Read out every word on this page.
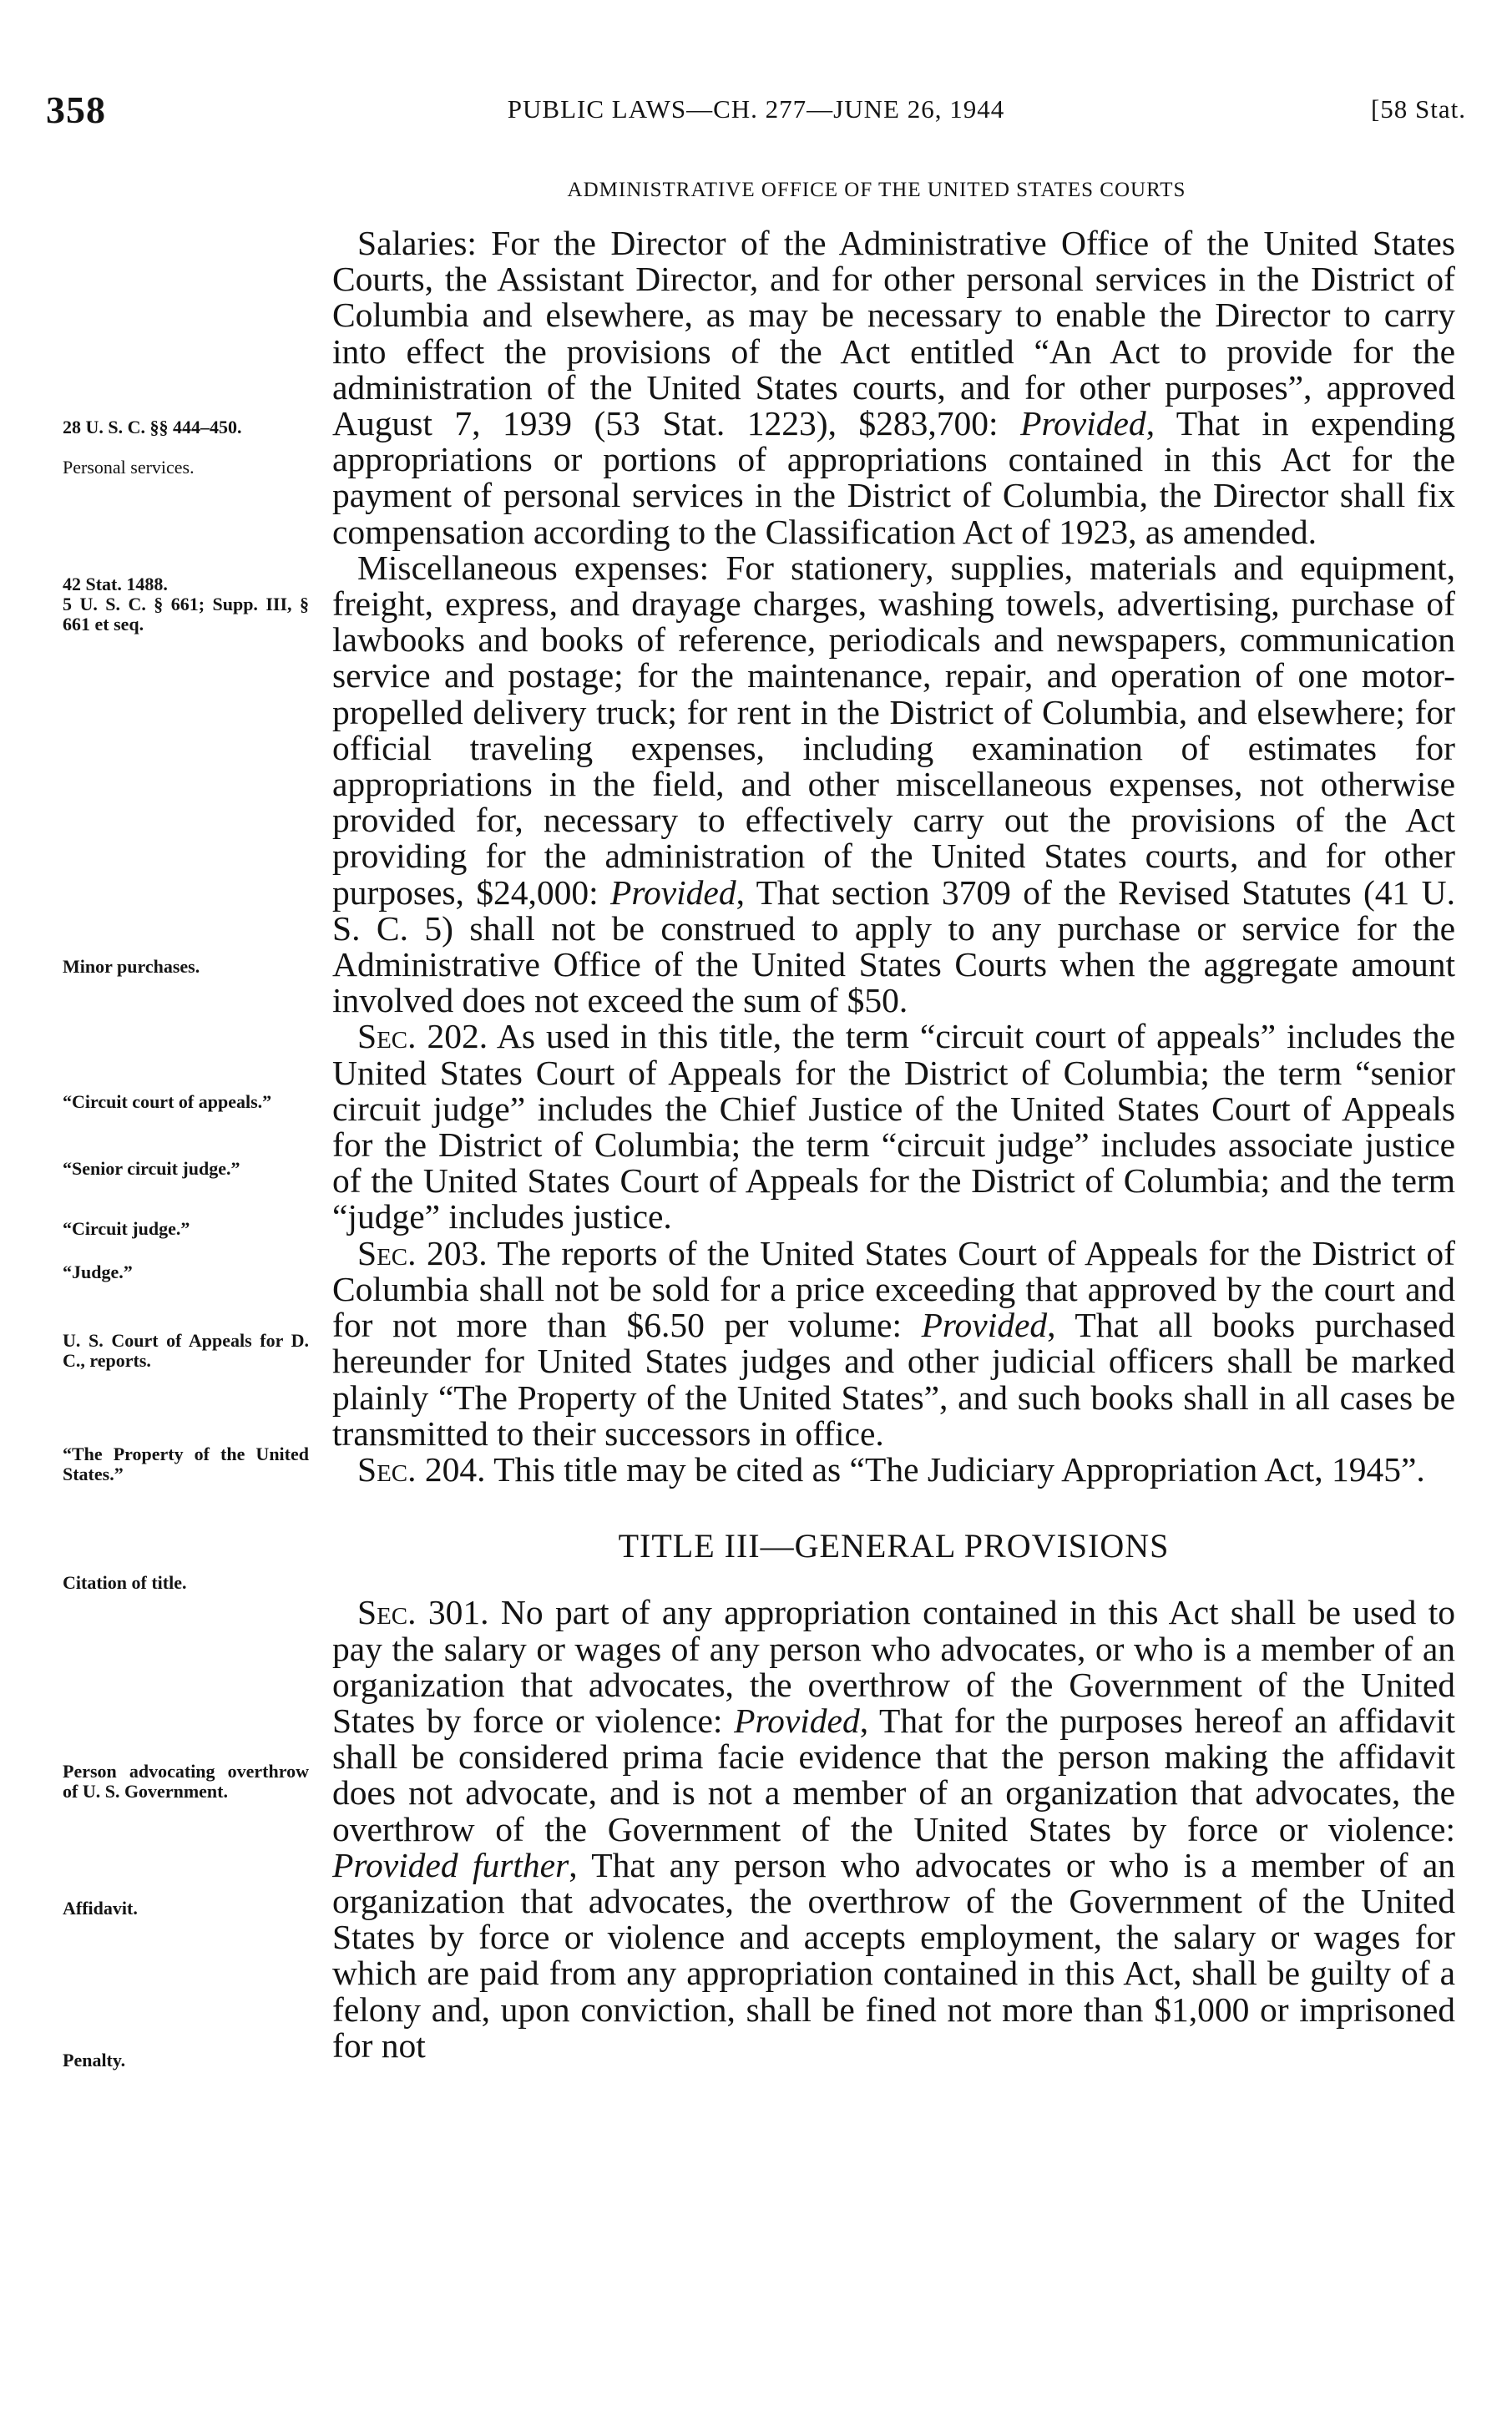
358	PUBLIC LAWS—CH. 277—JUNE 26, 1944	[58 Stat.
ADMINISTRATIVE OFFICE OF THE UNITED STATES COURTS
28 U. S. C. §§ 444–450.
Personal services.
42 Stat. 1488.
5 U. S. C. § 661; Supp. III, § 661 et seq.
Minor purchases.
“Circuit court of appeals.”
“Senior circuit judge.”
“Circuit judge.”
“Judge.”
U. S. Court of Appeals for D. C., reports.
“The Property of the United States.”
Citation of title.
Person advocating overthrow of U. S. Government.
Affidavit.
Penalty.

Salaries: For the Director of the Administrative Office of the United States Courts, the Assistant Director, and for other personal services in the District of Columbia and elsewhere, as may be necessary to enable the Director to carry into effect the provisions of the Act entitled “An Act to provide for the administration of the United States courts, and for other purposes”, approved August 7, 1939 (53 Stat. 1223), $283,700: Provided, That in expending appropriations or portions of appropriations contained in this Act for the payment of personal services in the District of Columbia, the Director shall fix compensation according to the Classification Act of 1923, as amended.

Miscellaneous expenses: For stationery, supplies, materials and equipment, freight, express, and drayage charges, washing towels, advertising, purchase of lawbooks and books of reference, periodicals and newspapers, communication service and postage; for the maintenance, repair, and operation of one motor-propelled delivery truck; for rent in the District of Columbia, and elsewhere; for official traveling expenses, including examination of estimates for appropriations in the field, and other miscellaneous expenses, not otherwise provided for, necessary to effectively carry out the provisions of the Act providing for the administration of the United States courts, and for other purposes, $24,000: Provided, That section 3709 of the Revised Statutes (41 U. S. C. 5) shall not be construed to apply to any purchase or service for the Administrative Office of the United States Courts when the aggregate amount involved does not exceed the sum of $50.

Sec. 202. As used in this title, the term “circuit court of appeals” includes the United States Court of Appeals for the District of Columbia; the term “senior circuit judge” includes the Chief Justice of the United States Court of Appeals for the District of Columbia; the term “circuit judge” includes associate justice of the United States Court of Appeals for the District of Columbia; and the term “judge” includes justice.

Sec. 203. The reports of the United States Court of Appeals for the District of Columbia shall not be sold for a price exceeding that approved by the court and for not more than $6.50 per volume: Provided, That all books purchased hereunder for United States judges and other judicial officers shall be marked plainly “The Property of the United States”, and such books shall in all cases be transmitted to their successors in office.

Sec. 204. This title may be cited as “The Judiciary Appropriation Act, 1945”.

TITLE III—GENERAL PROVISIONS

Sec. 301. No part of any appropriation contained in this Act shall be used to pay the salary or wages of any person who advocates, or who is a member of an organization that advocates, the overthrow of the Government of the United States by force or violence: Provided, That for the purposes hereof an affidavit shall be considered prima facie evidence that the person making the affidavit does not advocate, and is not a member of an organization that advocates, the overthrow of the Government of the United States by force or violence: Provided further, That any person who advocates or who is a member of an organization that advocates, the overthrow of the Government of the United States by force or violence and accepts employment, the salary or wages for which are paid from any appropriation contained in this Act, shall be guilty of a felony and, upon conviction, shall be fined not more than $1,000 or imprisoned for not
